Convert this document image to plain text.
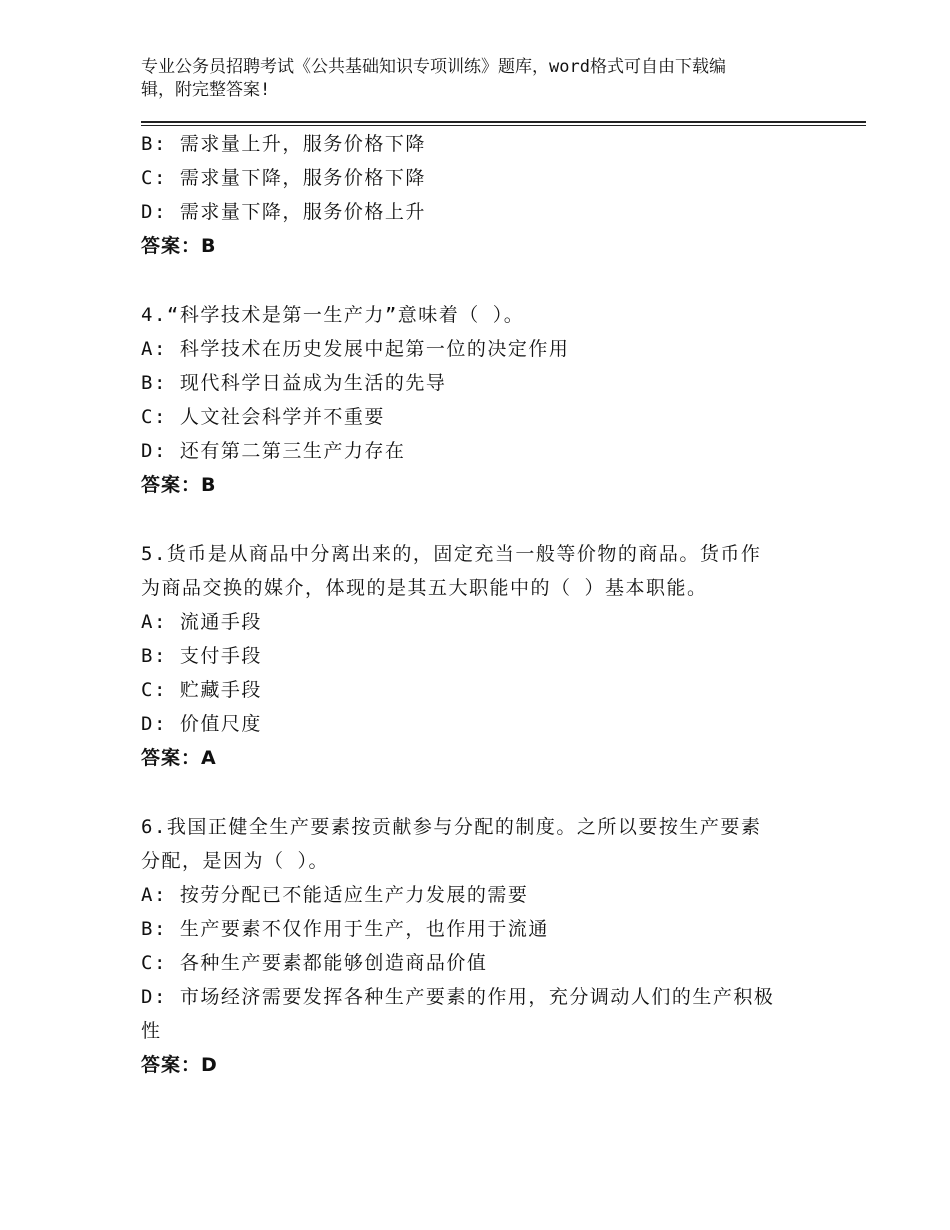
专业公务员招聘考试《公共基础知识专项训练》题库，word格式可自由下载编
辑，附完整答案!
B: 需求量上升，服务价格下降
C: 需求量下降，服务价格下降
D: 需求量下降，服务价格上升
答案：B
4.“科学技术是第一生产力”意味着（ ）。
A: 科学技术在历史发展中起第一位的决定作用
B: 现代科学日益成为生活的先导
C: 人文社会科学并不重要
D: 还有第二第三生产力存在
答案：B
5.货币是从商品中分离出来的，固定充当一般等价物的商品。货币作
为商品交换的媒介，体现的是其五大职能中的（ ）基本职能。
A: 流通手段
B: 支付手段
C: 贮藏手段
D: 价值尺度
答案：A
6.我国正健全生产要素按贡献参与分配的制度。之所以要按生产要素
分配，是因为（ ）。
A: 按劳分配已不能适应生产力发展的需要
B: 生产要素不仅作用于生产，也作用于流通
C: 各种生产要素都能够创造商品价值
D: 市场经济需要发挥各种生产要素的作用，充分调动人们的生产积极
性
答案：D
